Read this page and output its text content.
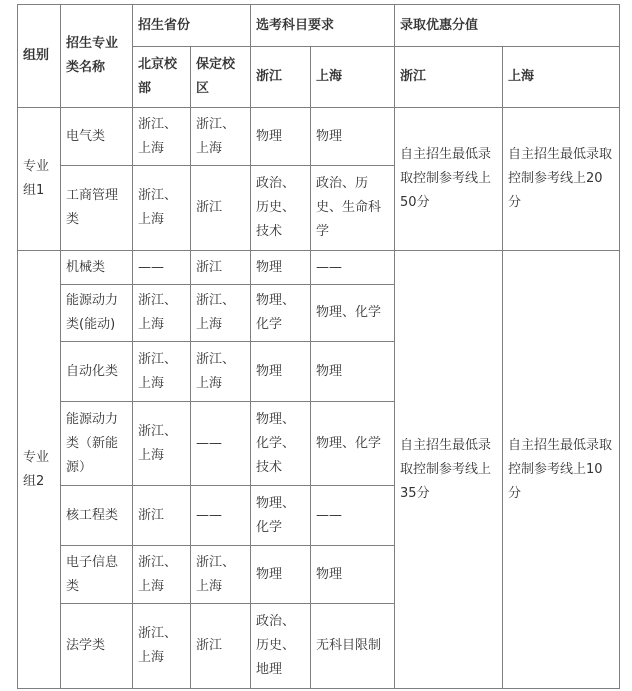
组别	招生专业类名称	招生省份		选考科目要求		录取优惠分值	
		北京校部	保定校区	浙江	上海	浙江	上海
专业组1	电气类	浙江、上海	浙江、上海	物理	物理	自主招生最低录取控制参考线上50分	自主招生最低录取控制参考线上20分
	工商管理类	浙江、上海	浙江	政治、历史、技术	政治、历史、生命科学		
专业组2	机械类	——	浙江	物理	——	自主招生最低录取控制参考线上35分	自主招生最低录取控制参考线上10分
	能源动力类(能动)	浙江、上海	浙江、上海	物理、化学	物理、化学		
	自动化类	浙江、上海	浙江、上海	物理	物理		
	能源动力类（新能源）	浙江、上海	——	物理、化学、技术	物理、化学		
	核工程类	浙江	——	物理、化学	——		
	电子信息类	浙江、上海	浙江、上海	物理	物理		
	法学类	浙江、上海	浙江	政治、历史、地理	无科目限制		
